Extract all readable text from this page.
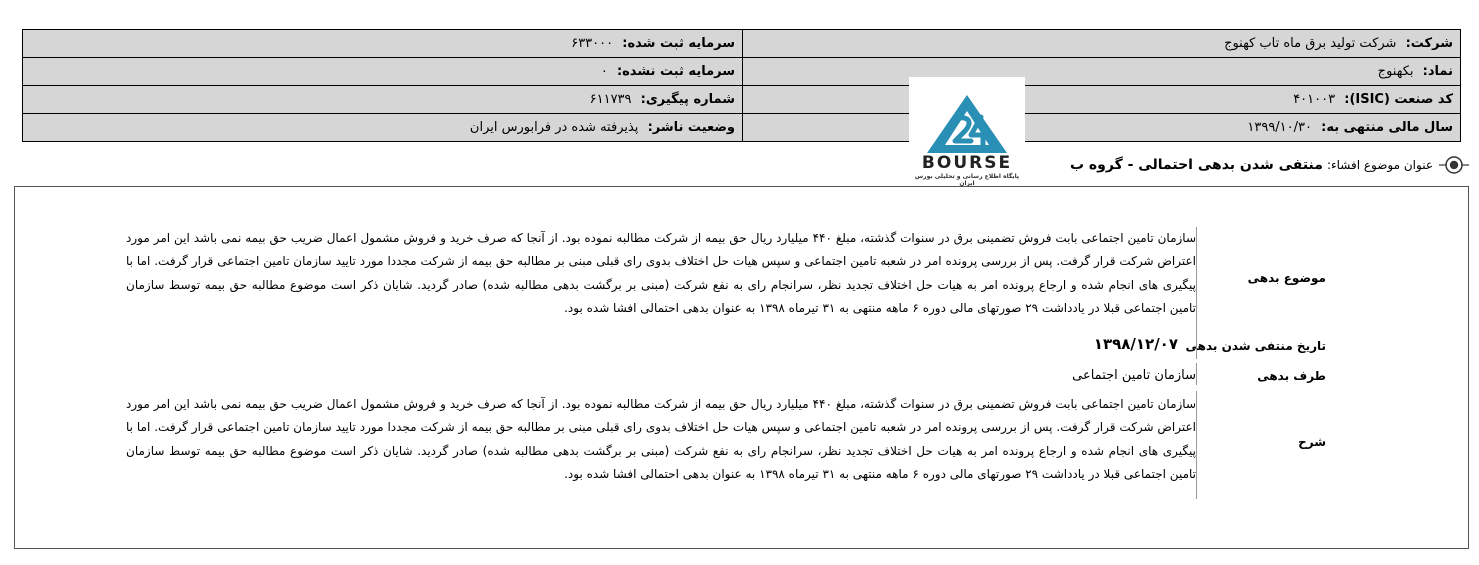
شرکت: شرکت تولید برق ماه تاب کهنوج	سرمایه ثبت شده: ۶۳۳۰۰۰
نماد: بکهنوج	سرمایه ثبت نشده: ۰
کد صنعت (ISIC): ۴۰۱۰۰۳	شماره پیگیری: ۶۱۱۷۳۹
سال مالی منتهی به: ۱۳۹۹/۱۰/۳۰	وضعیت ناشر: پذیرفته شده در فرابورس ایران
BOURSE
پایگاه اطلاع رسانی و تحلیلی بورس ایران
عنوان موضوع افشاء:
منتفی شدن بدهی احتمالی - گروه ب
موضوع بدهی
سازمان تامین اجتماعی بابت فروش تضمینی برق در سنوات گذشته، مبلغ ۴۴۰ میلیارد ریال حق بیمه از شرکت مطالبه نموده بود. از آنجا که صرف خرید و فروش مشمول اعمال ضریب حق بیمه نمی باشد این امر مورد اعتراض شرکت قرار گرفت. پس از بررسی پرونده امر در شعبه تامین اجتماعی و سپس هیات حل اختلاف بدوی رای قبلی مبنی بر مطالبه حق بیمه از شرکت مجددا مورد تایید سازمان تامین اجتماعی قرار گرفت. اما با پیگیری های انجام شده و ارجاع پرونده امر به هیات حل اختلاف تجدید نظر، سرانجام رای به نفع شرکت (مبنی بر برگشت بدهی مطالبه شده) صادر گردید. شایان ذکر است موضوع مطالبه حق بیمه توسط سازمان تامین اجتماعی قبلا در یادداشت ۲۹ صورتهای مالی دوره ۶ ماهه منتهی به ۳۱ تیرماه ۱۳۹۸ به عنوان بدهی احتمالی افشا شده بود.
تاریخ منتفی شدن بدهی
۱۳۹۸/۱۲/۰۷
طرف بدهی
سازمان تامین اجتماعی
شرح
سازمان تامین اجتماعی بابت فروش تضمینی برق در سنوات گذشته، مبلغ ۴۴۰ میلیارد ریال حق بیمه از شرکت مطالبه نموده بود. از آنجا که صرف خرید و فروش مشمول اعمال ضریب حق بیمه نمی باشد این امر مورد اعتراض شرکت قرار گرفت. پس از بررسی پرونده امر در شعبه تامین اجتماعی و سپس هیات حل اختلاف بدوی رای قبلی مبنی بر مطالبه حق بیمه از شرکت مجددا مورد تایید سازمان تامین اجتماعی قرار گرفت. اما با پیگیری های انجام شده و ارجاع پرونده امر به هیات حل اختلاف تجدید نظر، سرانجام رای به نفع شرکت (مبنی بر برگشت بدهی مطالبه شده) صادر گردید. شایان ذکر است موضوع مطالبه حق بیمه توسط سازمان تامین اجتماعی قبلا در یادداشت ۲۹ صورتهای مالی دوره ۶ ماهه منتهی به ۳۱ تیرماه ۱۳۹۸ به عنوان بدهی احتمالی افشا شده بود.
